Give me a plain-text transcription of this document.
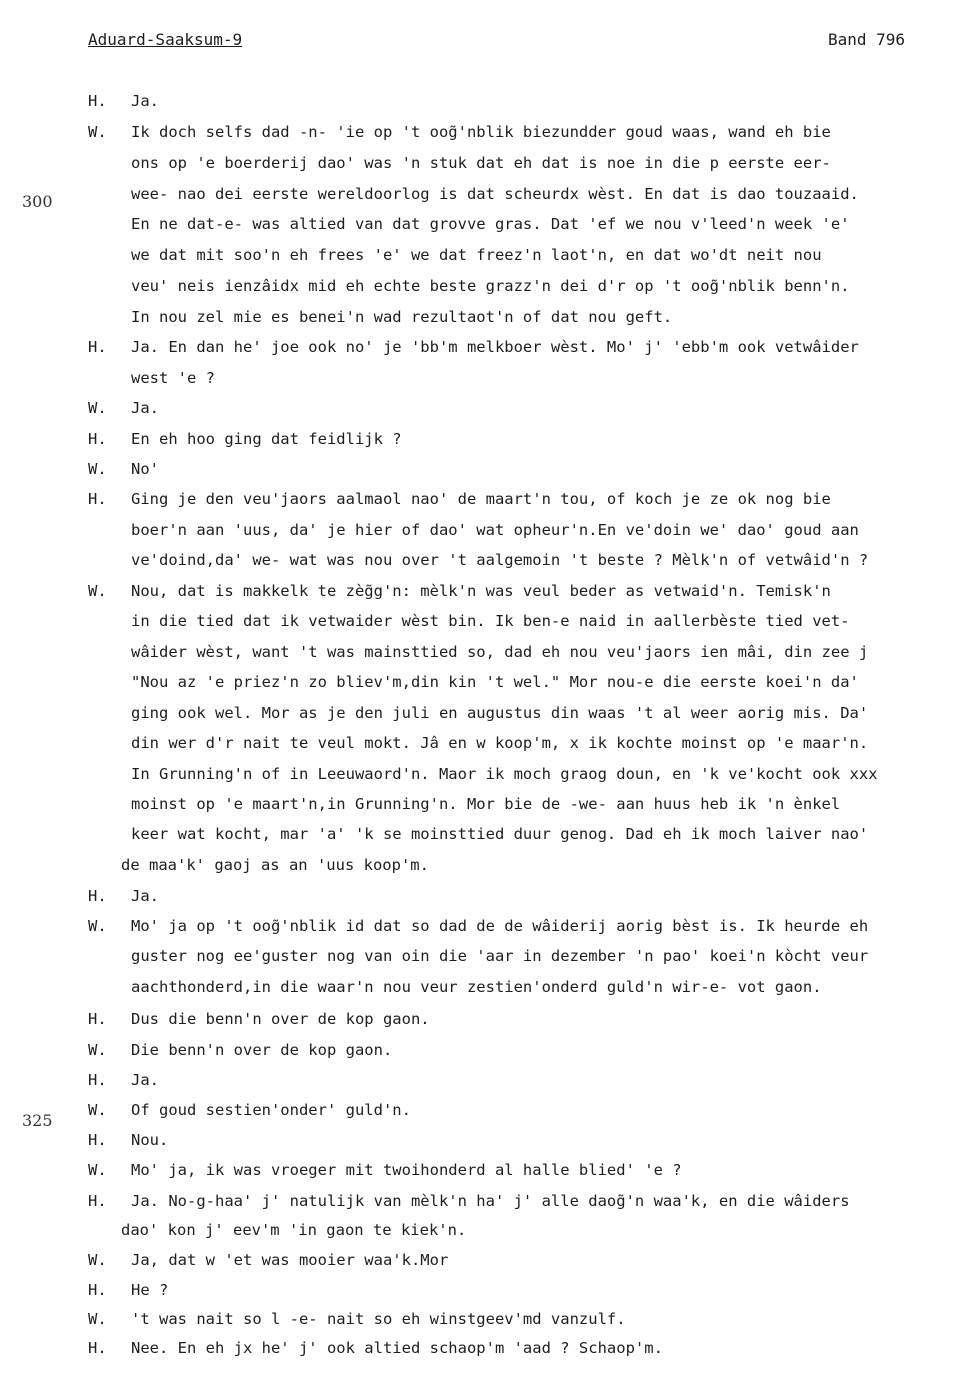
Aduard-Saaksum-9	Band 796
300
325
H. Ja.
W. Ik doch selfs dad -n- 'ie op 't oog̃'nblik biezundder goud waas, wand eh bie
ons op 'e boerderij dao' was 'n stuk dat eh dat is noe in die p eerste eer-
wee- nao dei eerste wereldoorlog is dat scheurdx wèst. En dat is dao touzaaid.
En ne dat-e- was altied van dat grovve gras. Dat 'ef we nou v'leed'n week 'e'
we dat mit soo'n eh frees 'e' we dat freez'n laot'n, en dat wo'dt neit nou
veu' neis ienzâidx mid eh echte beste grazz'n dei d'r op 't oog̃'nblik benn'n.
In nou zel mie es benei'n wad rezultaot'n of dat nou geft.
H. Ja. En dan he' joe ook no' je 'bb'm melkboer wèst. Mo' j' 'ebb'm ook vetwâider
west 'e ?
W. Ja.
H. En eh hoo ging dat feidlijk ?
W. No'
H. Ging je den veu'jaors aalmaol nao' de maart'n tou, of koch je ze ok nog bie
boer'n aan 'uus, da' je hier of dao' wat opheur'n.En ve'doin we' dao' goud aan
ve'doind,da' we- wat was nou over 't aalgemoin 't beste ? Mèlk'n of vetwâid'n ?
W. Nou, dat is makkelk te zèg̃g'n: mèlk'n was veul beder as vetwaid'n. Temisk'n
in die tied dat ik vetwaider wèst bin. Ik ben-e naid in aallerbèste tied vet-
wâider wèst, want 't was mainsttied so, dad eh nou veu'jaors ien mâi, din zee j
"Nou az 'e priez'n zo bliev'm,din kin 't wel." Mor nou-e die eerste koei'n da'
ging ook wel. Mor as je den juli en augustus din waas 't al weer aorig mis. Da'
din wer d'r nait te veul mokt. Jâ en w koop'm, x ik kochte moinst op 'e maar'n.
In Grunning'n of in Leeuwaord'n. Maor ik moch graog doun, en 'k ve'kocht ook xxx
moinst op 'e maart'n,in Grunning'n. Mor bie de -we- aan huus heb ik 'n ènkel
keer wat kocht, mar 'a' 'k se moinsttied duur genog. Dad eh ik moch laiver nao'
de maa'k' gaoj as an 'uus koop'm.
H. Ja.
W. Mo' ja op 't oog̃'nblik id dat so dad de de wâiderij aorig bèst is. Ik heurde eh
guster nog ee'guster nog van oin die 'aar in dezember 'n pao' koei'n kòcht veur
aachthonderd,in die waar'n nou veur zestien'onderd guld'n wir-e- vot gaon.
H. Dus die benn'n over de kop gaon.
W. Die benn'n over de kop gaon.
H. Ja.
W. Of goud sestien'onder' guld'n.
H. Nou.
W. Mo' ja, ik was vroeger mit twoihonderd al halle blied' 'e ?
H. Ja. No-g-haa' j' natulijk van mèlk'n ha' j' alle daog̃'n waa'k, en die wâiders
dao' kon j' eev'm 'in gaon te kiek'n.
W. Ja, dat w 'et was mooier waa'k.Mor
H. He ?
W. 't was nait so l -e- nait so eh winstgeev'md vanzulf.
H. Nee. En eh jx he' j' ook altied schaop'm 'aad ? Schaop'm.
